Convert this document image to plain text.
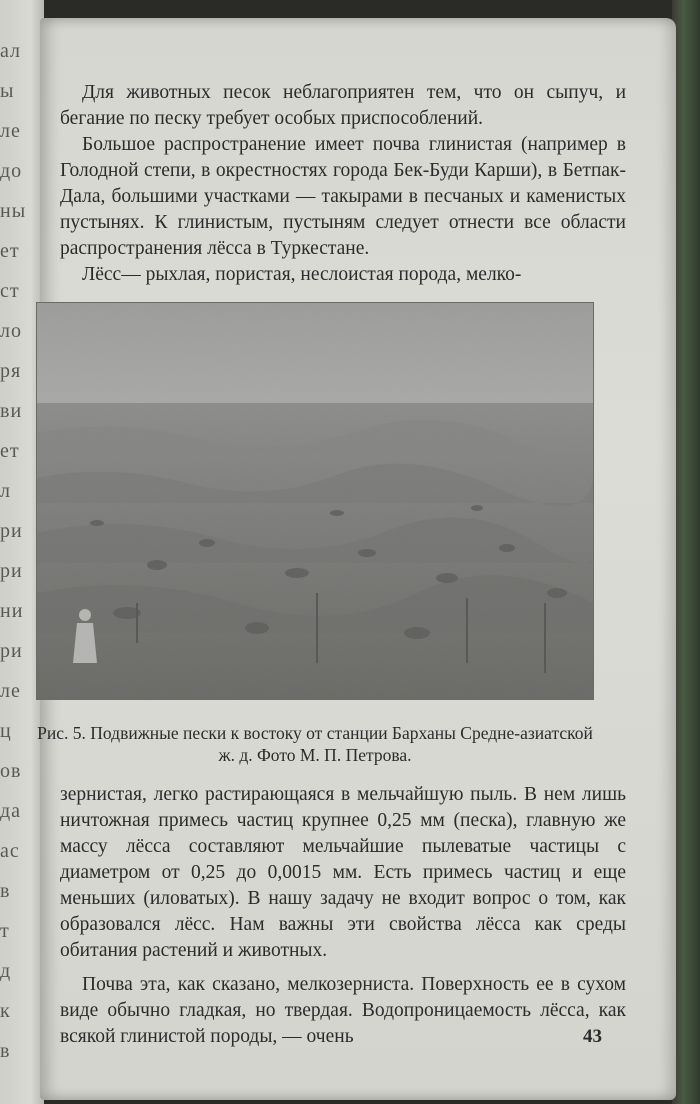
ал
ы
ле
до
ны
ет
ст
ло
ря
ви
ет
л
ри
ри
ни
ри
ле
ц
ов
да
ас
в
т
д
к
в

Для животных песок неблагоприятен тем, что он сыпуч, и бегание по песку требует особых приспособлений.

Большое распространение имеет почва глинистая (например в Голодной степи, в окрестностях города Бек-Буди Карши), в Бетпак-Дала, большими участками — такырами в песчаных и каменистых пустынях. К глинистым, пустыням следует отнести все области распространения лёсса в Туркестане.

Лёсс— рыхлая, пористая, неслоистая порода, мелко-

Рис. 5. Подвижные пески к востоку от станции Барханы Средне-азиатской ж. д. Фото М. П. Петрова.

зернистая, легко растирающаяся в мельчайшую пыль. В нем лишь ничтожная примесь частиц крупнее 0,25 мм (песка), главную же массу лёсса составляют мельчайшие пылеватые частицы с диаметром от 0,25 до 0,0015 мм. Есть примесь частиц и еще меньших (иловатых). В нашу задачу не входит вопрос о том, как образовался лёсс. Нам важны эти свойства лёсса как среды обитания растений и животных.

Почва эта, как сказано, мелкозерниста. Поверхность ее в сухом виде обычно гладкая, но твердая. Водопроницаемость лёсса, как всякой глинистой породы, — очень	43
